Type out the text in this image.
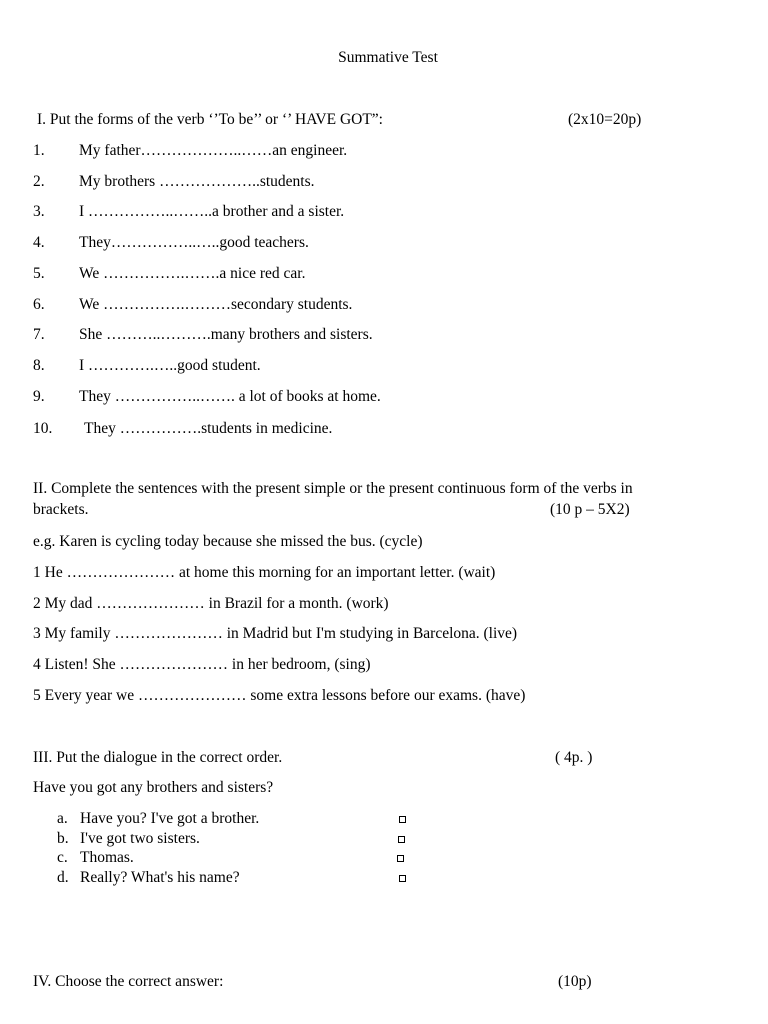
Summative Test
I. Put the forms of the verb ‘’To be’’ or ‘’ HAVE GOT”:	(2x10=20p)
1. My father………………..……an engineer.
2. My brothers ………………..students.
3. I ……………..……..a brother and a sister.
4. They……………..…..good teachers.
5. We …………….…….a nice red car.
6. We …………….………secondary students.
7. She ………..……….many brothers and sisters.
8. I ………….…..good student.
9. They ……………..……. a lot of books at home.
10. They …………….students in medicine.
II. Complete the sentences with the present simple or the present continuous form of the verbs in
brackets.	(10 p – 5X2)
e.g. Karen is cycling today because she missed the bus. (cycle)
1 He ………………… at home this morning for an important letter. (wait)
2 My dad ………………… in Brazil for a month. (work)
3 My family ………………… in Madrid but I'm studying in Barcelona. (live)
4 Listen! She ………………… in her bedroom, (sing)
5 Every year we ………………… some extra lessons before our exams. (have)
III. Put the dialogue in the correct order.	( 4p. )
Have you got any brothers and sisters?
a. Have you? I've got a brother.
b. I've got two sisters.
c. Thomas.
d. Really? What's his name?
IV. Choose the correct answer:	(10p)
